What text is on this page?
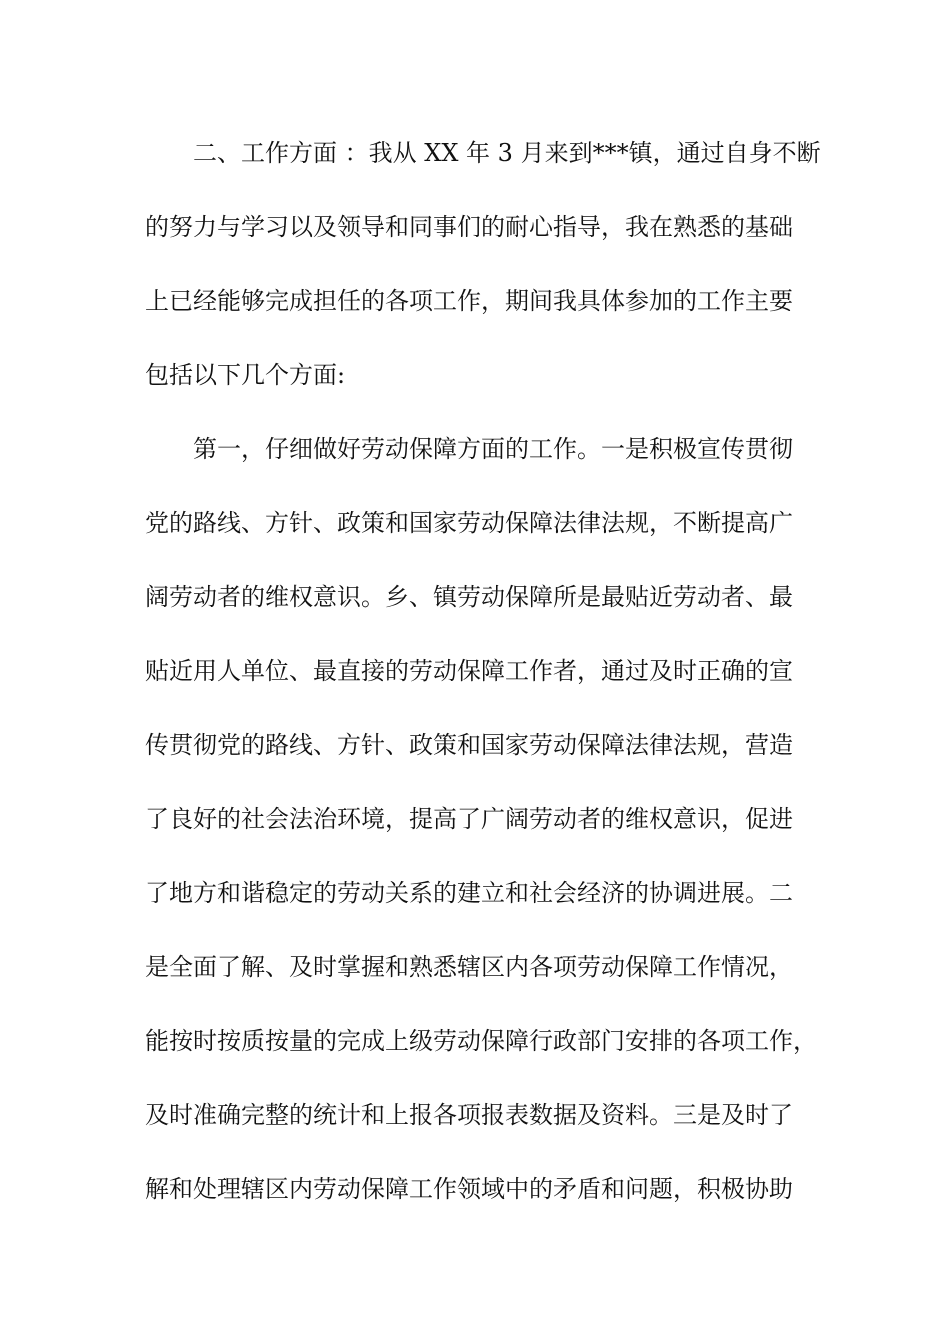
二、工作方面 ：我从 XX 年 3 月来到***镇，通过自身不断
的努力与学习以及领导和同事们的耐心指导，我在熟悉的基础
上已经能够完成担任的各项工作，期间我具体参加的工作主要
包括以下几个方面:
第一，仔细做好劳动保障方面的工作。一是积极宣传贯彻
党的路线、方针、政策和国家劳动保障法律法规，不断提高广
阔劳动者的维权意识。乡、镇劳动保障所是最贴近劳动者、最
贴近用人单位、最直接的劳动保障工作者，通过及时正确的宣
传贯彻党的路线、方针、政策和国家劳动保障法律法规，营造
了良好的社会法治环境，提高了广阔劳动者的维权意识，促进
了地方和谐稳定的劳动关系的建立和社会经济的协调进展。二
是全面了解、及时掌握和熟悉辖区内各项劳动保障工作情况，
能按时按质按量的完成上级劳动保障行政部门安排的各项工作，
及时准确完整的统计和上报各项报表数据及资料。三是及时了
解和处理辖区内劳动保障工作领域中的矛盾和问题，积极协助
